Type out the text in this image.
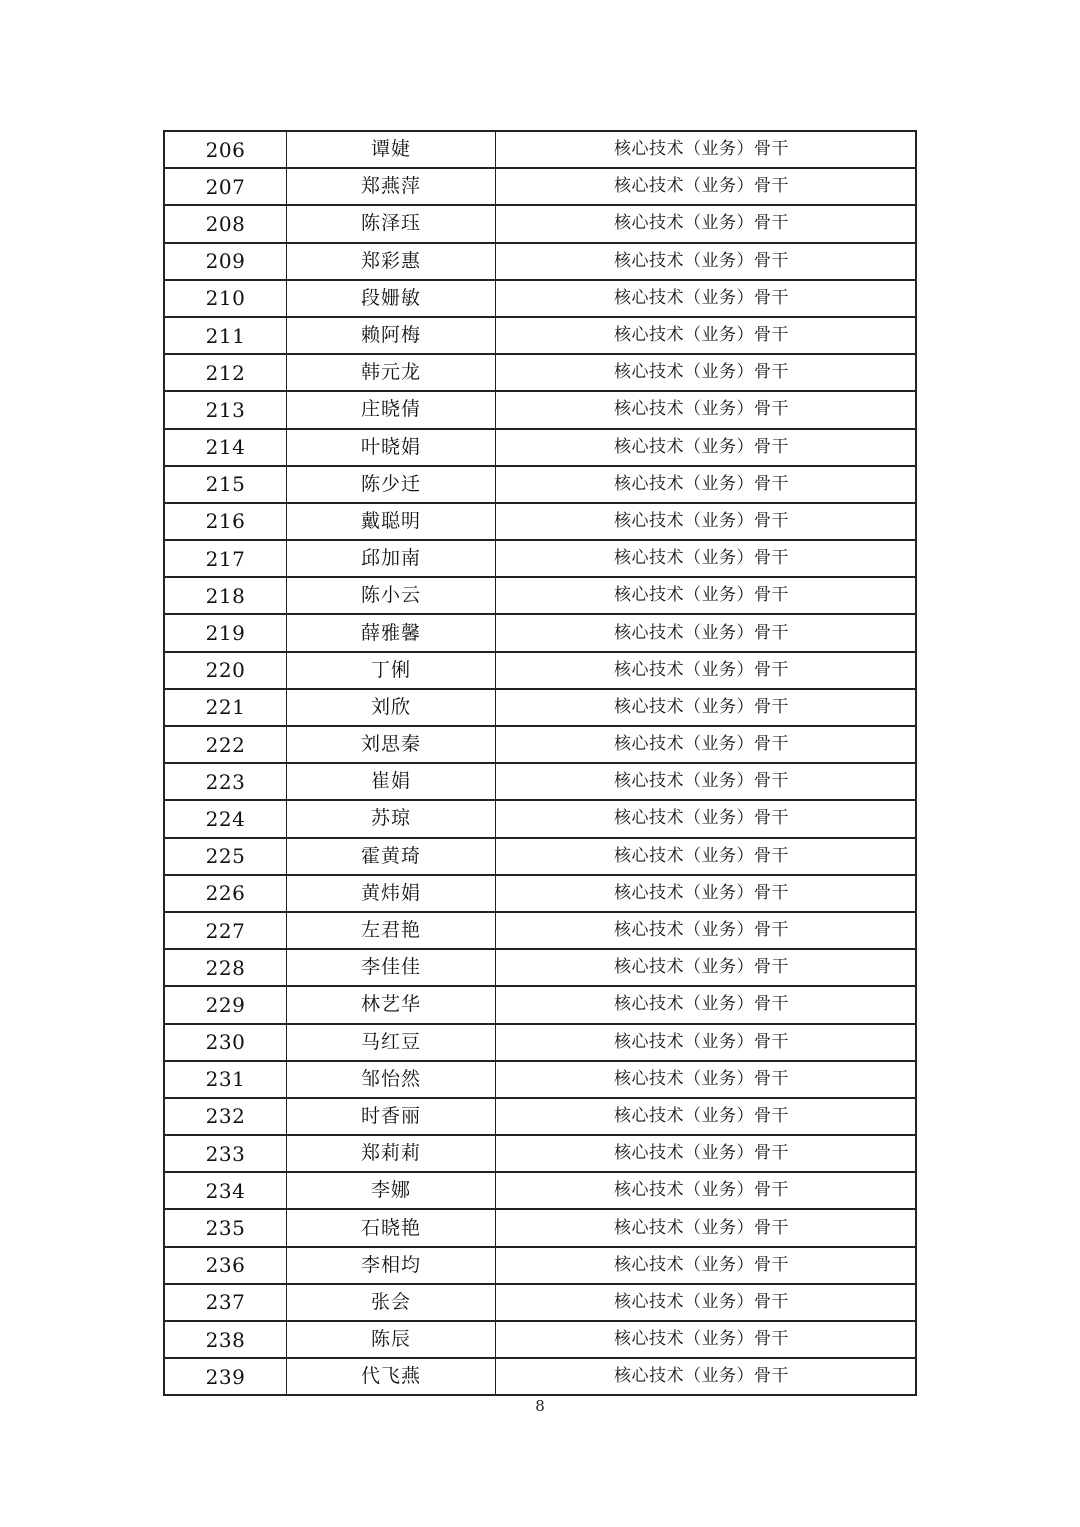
206	谭婕	核心技术（业务）骨干
207	郑燕萍	核心技术（业务）骨干
208	陈泽珏	核心技术（业务）骨干
209	郑彩惠	核心技术（业务）骨干
210	段姗敏	核心技术（业务）骨干
211	赖阿梅	核心技术（业务）骨干
212	韩元龙	核心技术（业务）骨干
213	庄晓倩	核心技术（业务）骨干
214	叶晓娟	核心技术（业务）骨干
215	陈少迁	核心技术（业务）骨干
216	戴聪明	核心技术（业务）骨干
217	邱加南	核心技术（业务）骨干
218	陈小云	核心技术（业务）骨干
219	薛雅馨	核心技术（业务）骨干
220	丁俐	核心技术（业务）骨干
221	刘欣	核心技术（业务）骨干
222	刘思秦	核心技术（业务）骨干
223	崔娟	核心技术（业务）骨干
224	苏琼	核心技术（业务）骨干
225	霍黄琦	核心技术（业务）骨干
226	黄炜娟	核心技术（业务）骨干
227	左君艳	核心技术（业务）骨干
228	李佳佳	核心技术（业务）骨干
229	林艺华	核心技术（业务）骨干
230	马红豆	核心技术（业务）骨干
231	邹怡然	核心技术（业务）骨干
232	时香丽	核心技术（业务）骨干
233	郑莉莉	核心技术（业务）骨干
234	李娜	核心技术（业务）骨干
235	石晓艳	核心技术（业务）骨干
236	李相均	核心技术（业务）骨干
237	张会	核心技术（业务）骨干
238	陈辰	核心技术（业务）骨干
239	代飞燕	核心技术（业务）骨干
8
